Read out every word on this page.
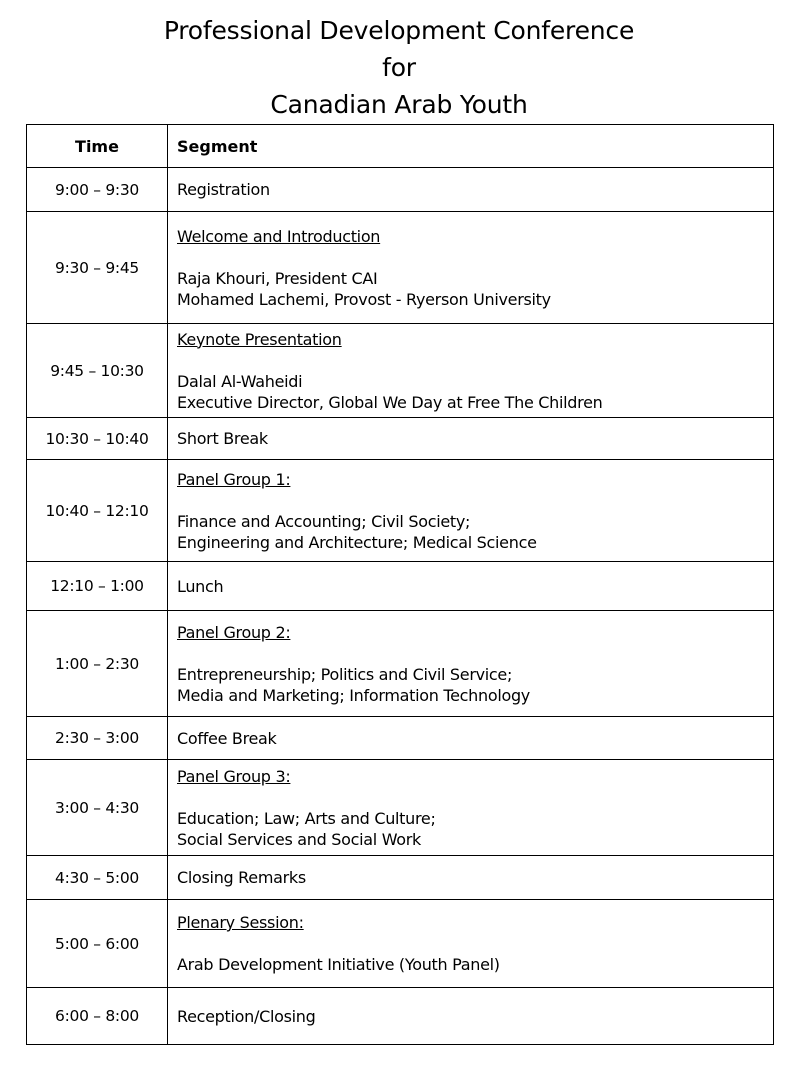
Professional Development Conference
for
Canadian Arab Youth
Time	Segment
9:00 – 9:30	Registration

9:30 – 9:45	Welcome and Introduction
Raja Khouri, President CAI
Mohamed Lachemi, Provost - Ryerson University

9:45 – 10:30	Keynote Presentation
Dalal Al-Waheidi
Executive Director, Global We Day at Free The Children

10:30 – 10:40	Short Break

10:40 – 12:10	Panel Group 1:
Finance and Accounting; Civil Society;
Engineering and Architecture; Medical Science

12:10 – 1:00	Lunch

1:00 – 2:30	Panel Group 2:
Entrepreneurship; Politics and Civil Service;
Media and Marketing; Information Technology

2:30 – 3:00	Coffee Break

3:00 – 4:30	Panel Group 3:
Education; Law; Arts and Culture;
Social Services and Social Work

4:30 – 5:00	Closing Remarks

5:00 – 6:00	Plenary Session:
Arab Development Initiative (Youth Panel)

6:00 – 8:00	Reception/Closing
